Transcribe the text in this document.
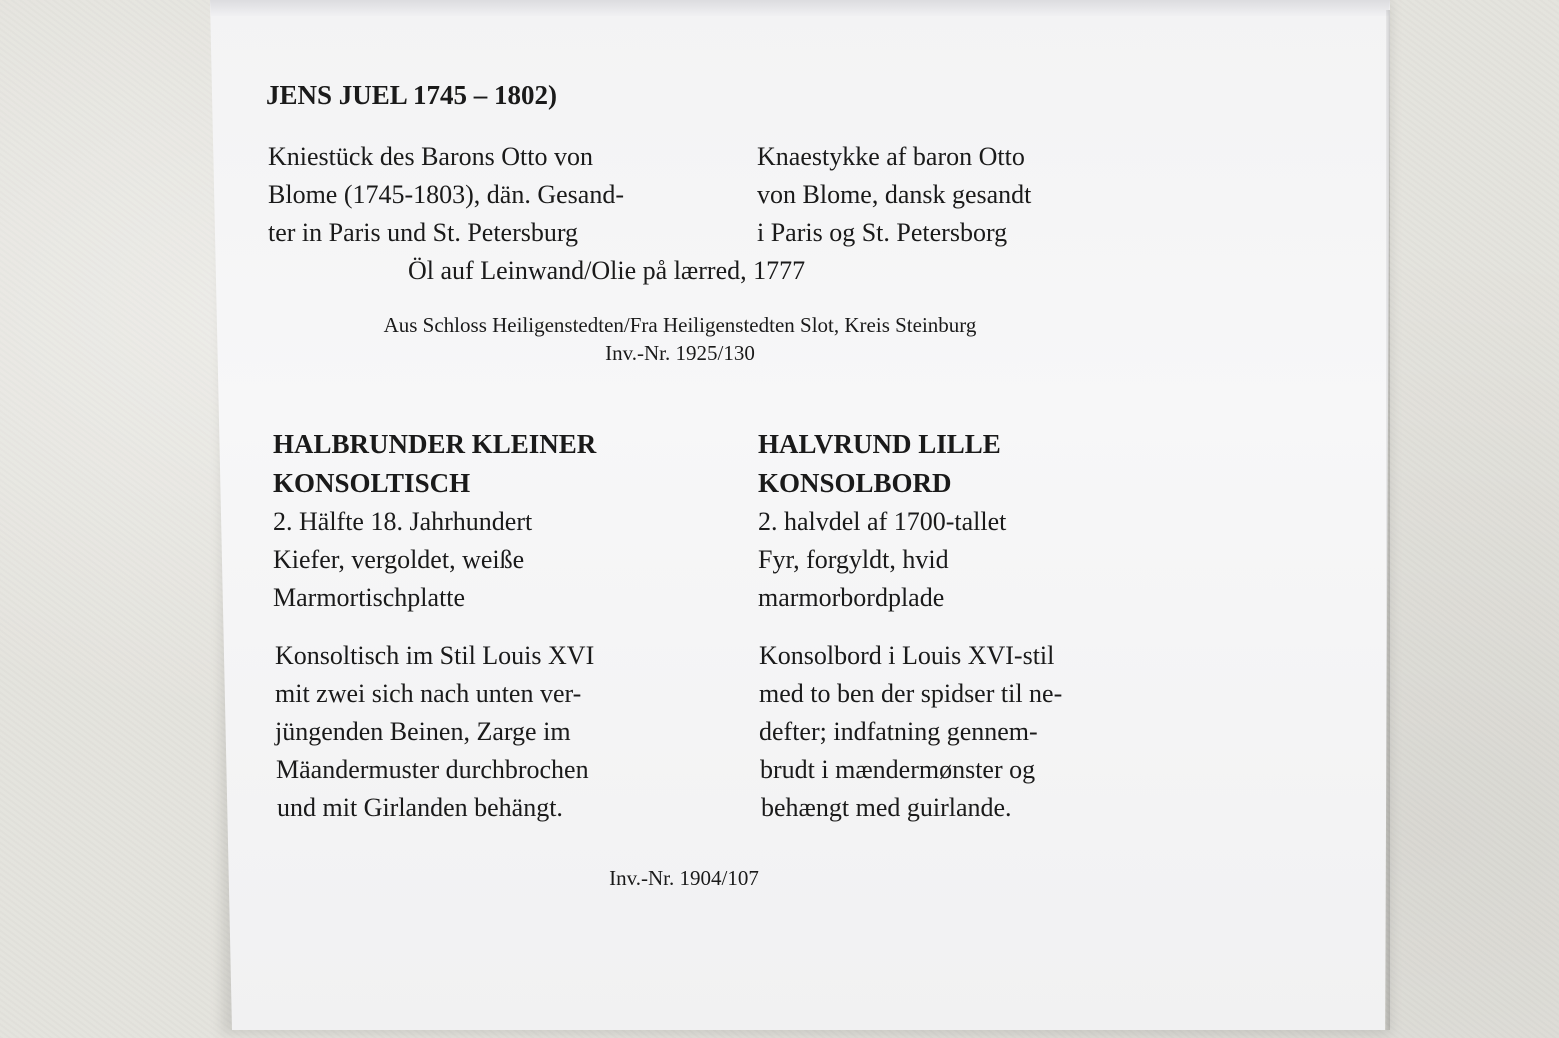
JENS JUEL 1745 – 1802)

Kniestück des Barons Otto von

Blome (1745-1803), dän. Gesand-

ter in Paris und St. Petersburg

Knaestykke af baron Otto

von Blome, dansk gesandt

i Paris og St. Petersborg

Öl auf Leinwand/Olie på lærred, 1777

Aus Schloss Heiligenstedten/Fra Heiligenstedten Slot, Kreis Steinburg

Inv.-Nr. 1925/130

HALBRUNDER KLEINER

KONSOLTISCH

2. Hälfte 18. Jahrhundert

Kiefer, vergoldet, weiße

Marmortischplatte

Konsoltisch im Stil Louis XVI

mit zwei sich nach unten ver-

jüngenden Beinen, Zarge im

Mäandermuster durchbrochen

und mit Girlanden behängt.

HALVRUND LILLE

KONSOLBORD

2. halvdel af 1700-tallet

Fyr, forgyldt, hvid

marmorbordplade

Konsolbord i Louis XVI-stil

med to ben der spidser til ne-

defter; indfatning gennem-

brudt i mændermønster og

behængt med guirlande.

Inv.-Nr. 1904/107
